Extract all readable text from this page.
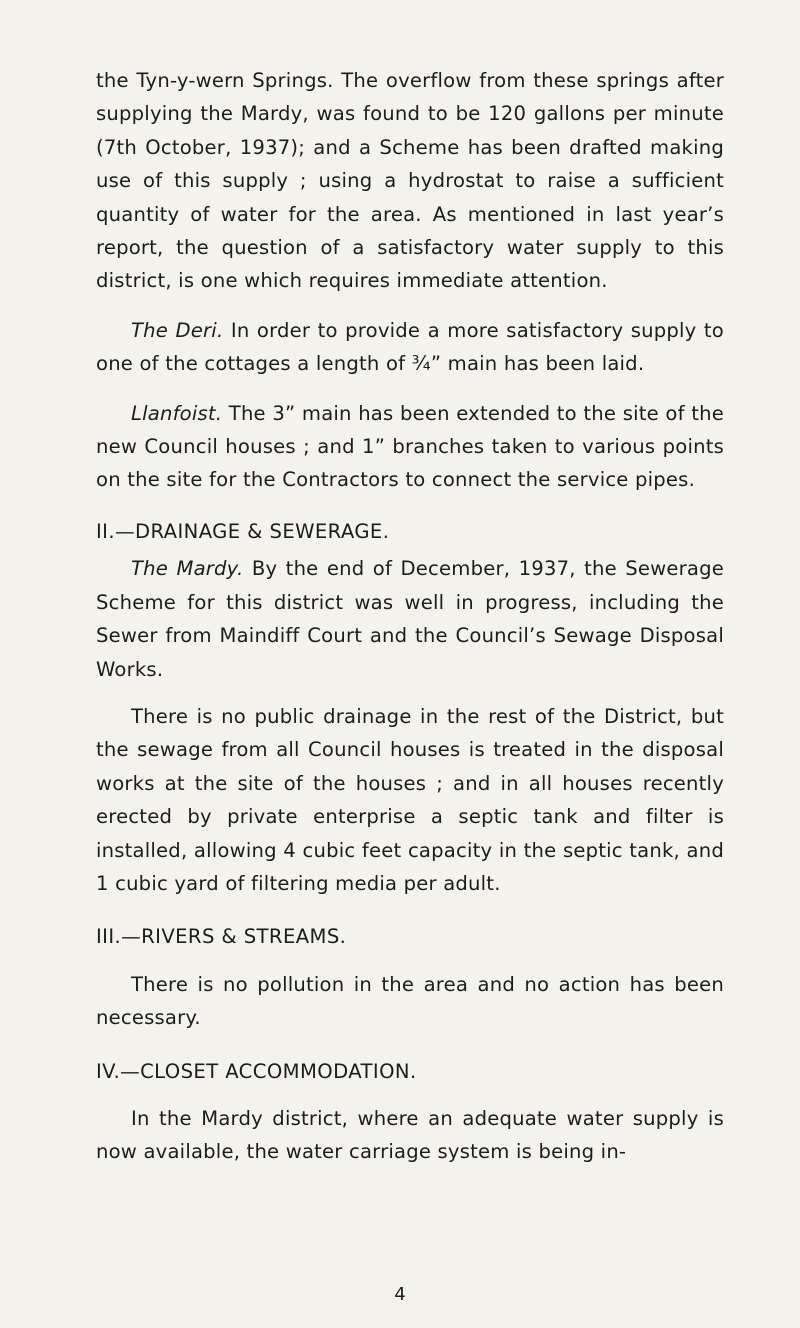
the Tyn-y-wern Springs. The overflow from these springs after supplying the Mardy, was found to be 120 gallons per minute (7th October, 1937); and a Scheme has been drafted making use of this supply ; using a hydrostat to raise a sufficient quantity of water for the area. As mentioned in last year’s report, the question of a satisfactory water supply to this district, is one which requires immediate attention.

The Deri. In order to provide a more satisfactory supply to one of the cottages a length of ¾” main has been laid.

Llanfoist. The 3” main has been extended to the site of the new Council houses ; and 1” branches taken to various points on the site for the Contractors to connect the service pipes.

II.—DRAINAGE & SEWERAGE.

The Mardy. By the end of December, 1937, the Sewerage Scheme for this district was well in progress, including the Sewer from Maindiff Court and the Council’s Sewage Disposal Works.

There is no public drainage in the rest of the District, but the sewage from all Council houses is treated in the disposal works at the site of the houses ; and in all houses recently erected by private enterprise a septic tank and filter is installed, allowing 4 cubic feet capacity in the septic tank, and 1 cubic yard of filtering media per adult.

III.—RIVERS & STREAMS.

There is no pollution in the area and no action has been necessary.

IV.—CLOSET ACCOMMODATION.

In the Mardy district, where an adequate water supply is now available, the water carriage system is being in-

4
